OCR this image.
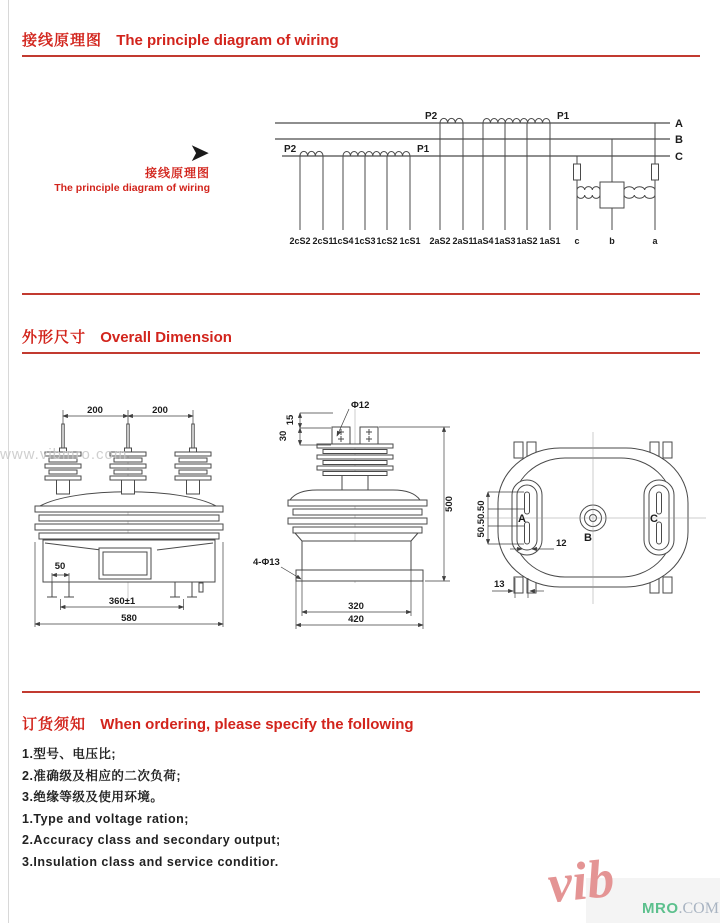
接线原理图 The principle diagram of wiring
➤
接线原理图
The principle diagram of wiring
A
B
C
P2	P1
2cS2 2cS1
1cS4 1cS3 1cS2 1cS1
P2	P1
2aS2 2aS1
1aS4 1aS3 1aS2 1aS1 c	b	a
外形尺寸 Overall Dimension
200	200
50
360±1
580
Φ12
15
30
500
4-Φ13
320
420
A
B
C
50.50.50
12
13
www.vibmro.com
订货须知 When ordering, please specify the following
1.型号、电压比;
2.准确级及相应的二次负荷;
3.绝缘等级及使用环境。
1.Type and voltage ration;
2.Accuracy class and secondary output;
3.Insulation class and service conditior.	vib MRO.COM
